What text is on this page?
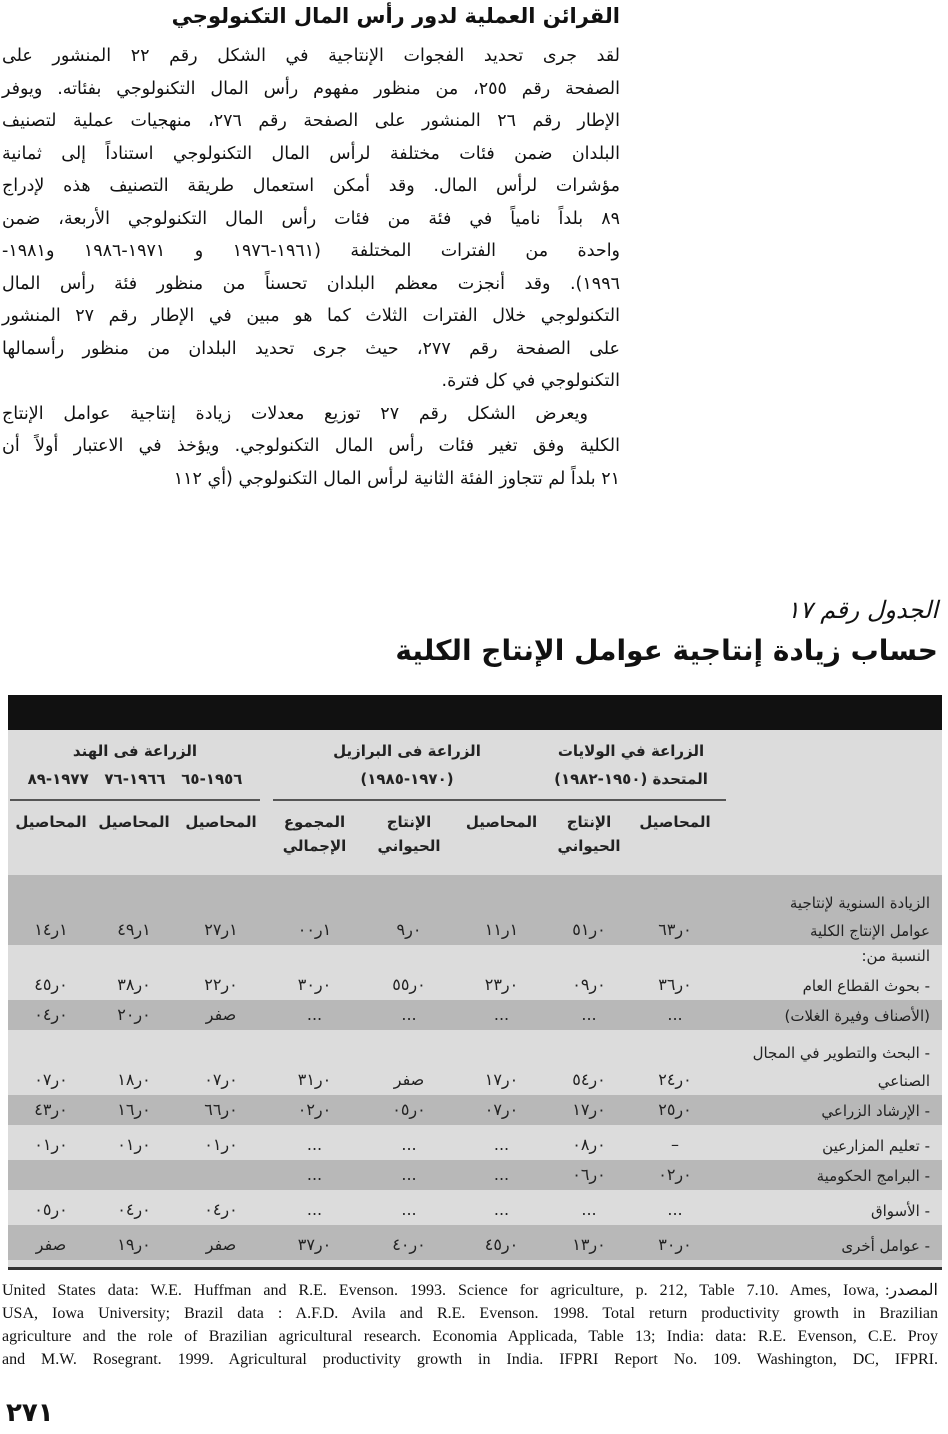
القرائن العملية لدور رأس المال التكنولوجي
لقد جرى تحديد الفجوات الإنتاجية في الشكل رقم ٢٢ المنشور على
الصفحة رقم ٢٥٥، من منظور مفهوم رأس المال التكنولوجي بفئاته. ويوفر
الإطار رقم ٢٦ المنشور على الصفحة رقم ٢٧٦، منهجيات عملية لتصنيف
البلدان ضمن فئات مختلفة لرأس المال التكنولوجي استناداً إلى ثمانية
مؤشرات لرأس المال. وقد أمكن استعمال طريقة التصنيف هذه لإدراج
٨٩ بلداً نامياً في فئة من فئات رأس المال التكنولوجي الأربعة، ضمن
واحدة من الفترات المختلفة (١٩٦١-١٩٧٦ و ١٩٧١-١٩٨٦ و١٩٨١-
١٩٩٦). وقد أنجزت معظم البلدان تحسناً من منظور فئة رأس المال
التكنولوجي خلال الفترات الثلاث كما هو مبين في الإطار رقم ٢٧ المنشور
على الصفحة رقم ٢٧٧، حيث جرى تحديد البلدان من منظور رأسمالها
التكنولوجي في كل فترة.
ويعرض الشكل رقم ٢٧ توزيع معدلات زيادة إنتاجية عوامل الإنتاج
الكلية وفق تغير فئات رأس المال التكنولوجي. ويؤخذ في الاعتبار أولاً أن
٢١ بلداً لم تتجاوز الفئة الثانية لرأس المال التكنولوجي (أي ١١٢
الجدول رقم ١٧
حساب زيادة إنتاجية عوامل الإنتاج الكلية
الزراعة في الولايات
المتحدة (١٩٥٠-١٩٨٢)
الزراعة فى البرازيل
(١٩٧٠-١٩٨٥)
الزراعة فى الهند
١٩٥٦-٦٥   ١٩٦٦-٧٦   ١٩٧٧-٨٩
المحاصيل
الإنتاج الحيواني
المحاصيل
الإنتاج الحيواني
المجموع الإجمالي
المحاصيل
المحاصيل
المحاصيل
الزيادة السنوية لإنتاجية
عوامل الإنتاج الكلية
٠ر٦٣
٠ر٥١
١ر١١
٠ر٩
١ر٠٠
١ر٢٧
١ر٤٩
١ر١٤
النسبة من:
- بحوث القطاع العام
٠ر٣٦
٠ر٠٩
٠ر٢٣
٠ر٥٥
٠ر٣٠
٠ر٢٢
٠ر٣٨
٠ر٤٥
(الأصناف وفيرة الغلات)
...
...
...
...
...
صفر
٠ر٢٠
٠ر٠٤
- البحث والتطوير في المجال
الصناعي
٠ر٢٤
٠ر٥٤
٠ر١٧
صفر
٠ر٣١
٠ر٠٧
٠ر١٨
٠ر٠٧
- الإرشاد الزراعي
٠ر٢٥
٠ر١٧
٠ر٠٧
٠ر٠٥
٠ر٠٢
٠ر٦٦
٠ر١٦
٠ر٤٣
- تعليم المزارعين
–
٠ر٠٨
...
...
...
٠ر٠١
٠ر٠١
٠ر٠١
- البرامج الحكومية
٠ر٠٢
٠ر٠٦
...
...
...
- الأسواق
...
...
...
...
...
٠ر٠٤
٠ر٠٤
٠ر٠٥
- عوامل أخرى
٠ر٣٠
٠ر١٣
٠ر٤٥
٠ر٤٠
٠ر٣٧
صفر
٠ر١٩
صفر
United States data: W.E. Huffman and R.E. Evenson. 1993. Science for agriculture, p. 212, Table 7.10. Ames, Iowa, المصدر:
USA, Iowa University; Brazil data : A.F.D. Avila and R.E. Evenson. 1998. Total return productivity growth in Brazilian
agriculture and the role of Brazilian agricultural research. Economia Applicada, Table 13; India: data: R.E. Evenson, C.E. Proy
and M.W. Rosegrant. 1999. Agricultural productivity growth in India. IFPRI Report No. 109. Washington, DC, IFPRI.
٢٧١
